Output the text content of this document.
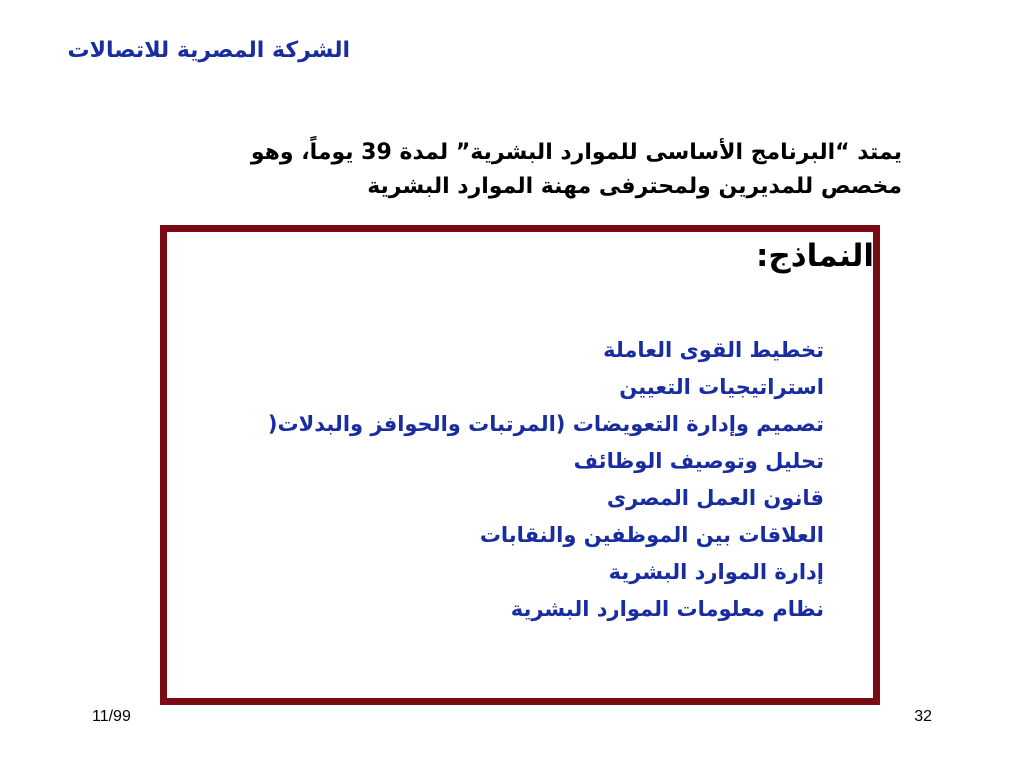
الشركة المصرية للاتصالات
يمتد “البرنامج الأساسى للموارد البشرية” لمدة 39 يوماً، وهو
مخصص للمديرين ولمحترفى مهنة الموارد البشرية
النماذج:
تخطيط القوى العاملة
استراتيجيات التعيين
تصميم وإدارة التعويضات (المرتبات والحوافز والبدلات(
تحليل وتوصيف الوظائف
قانون العمل المصرى
العلاقات بين الموظفين والنقابات
إدارة الموارد البشرية
نظام معلومات الموارد البشرية
11/99	32
